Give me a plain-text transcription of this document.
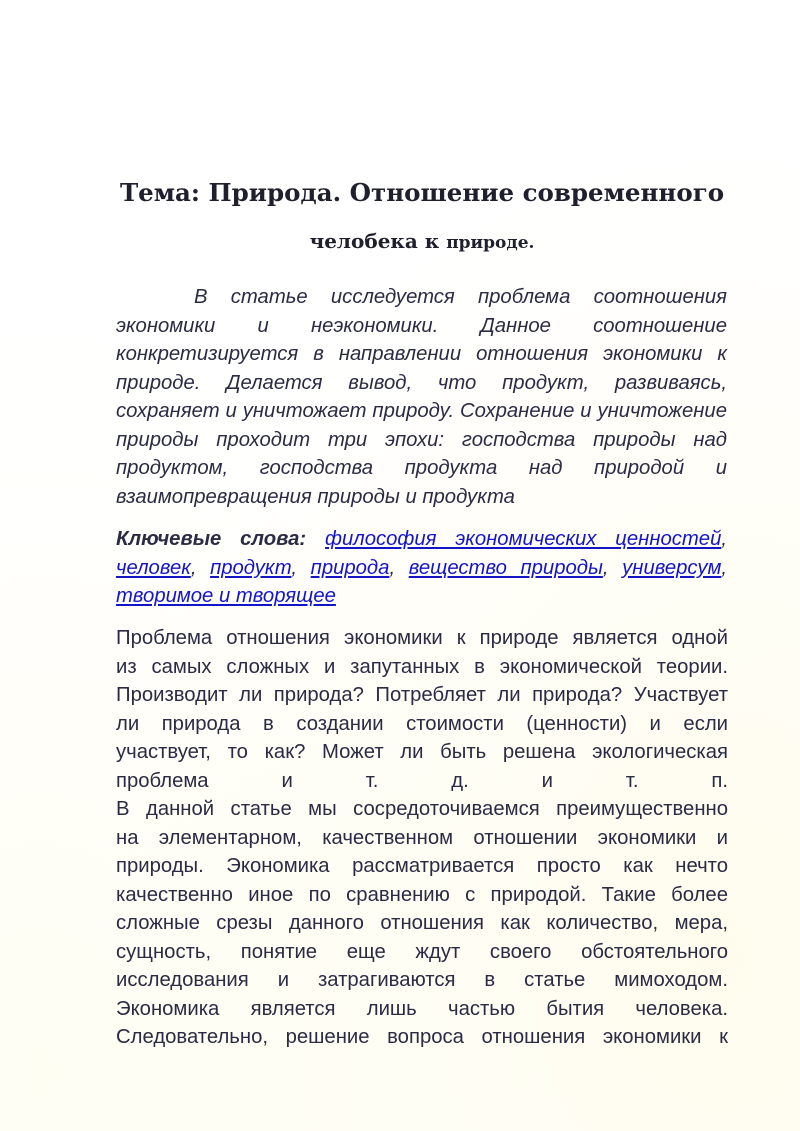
Тема: Природа. Отношение современного
челобека к природе.

В статье исследуется проблема соотношения экономики и неэкономики. Данное соотношение конкретизируется в направлении отношения экономики к природе. Делается вывод, что продукт, развиваясь, сохраняет и уничтожает природу. Сохранение и уничтожение природы проходит три эпохи: господства природы над продуктом, господства продукта над природой и взаимопревращения природы и продукта

Ключевые слова: философия экономических ценностей, человек, продукт, природа, вещество природы, универсум, творимое и творящее

Проблема отношения экономики к природе является одной
из самых сложных и запутанных в экономической теории.
Производит ли природа? Потребляет ли природа? Участвует
ли природа в создании стоимости (ценности) и если
участвует, то как? Может ли быть решена экологическая
проблема и т. д. и т. п.
В данной статье мы сосредоточиваемся преимущественно
на элементарном, качественном отношении экономики и
природы. Экономика рассматривается просто как нечто
качественно иное по сравнению с природой. Такие более
сложные срезы данного отношения как количество, мера,
сущность, понятие еще ждут своего обстоятельного
исследования и затрагиваются в статье мимоходом.
Экономика является лишь частью бытия человека.
Следовательно, решение вопроса отношения экономики к
